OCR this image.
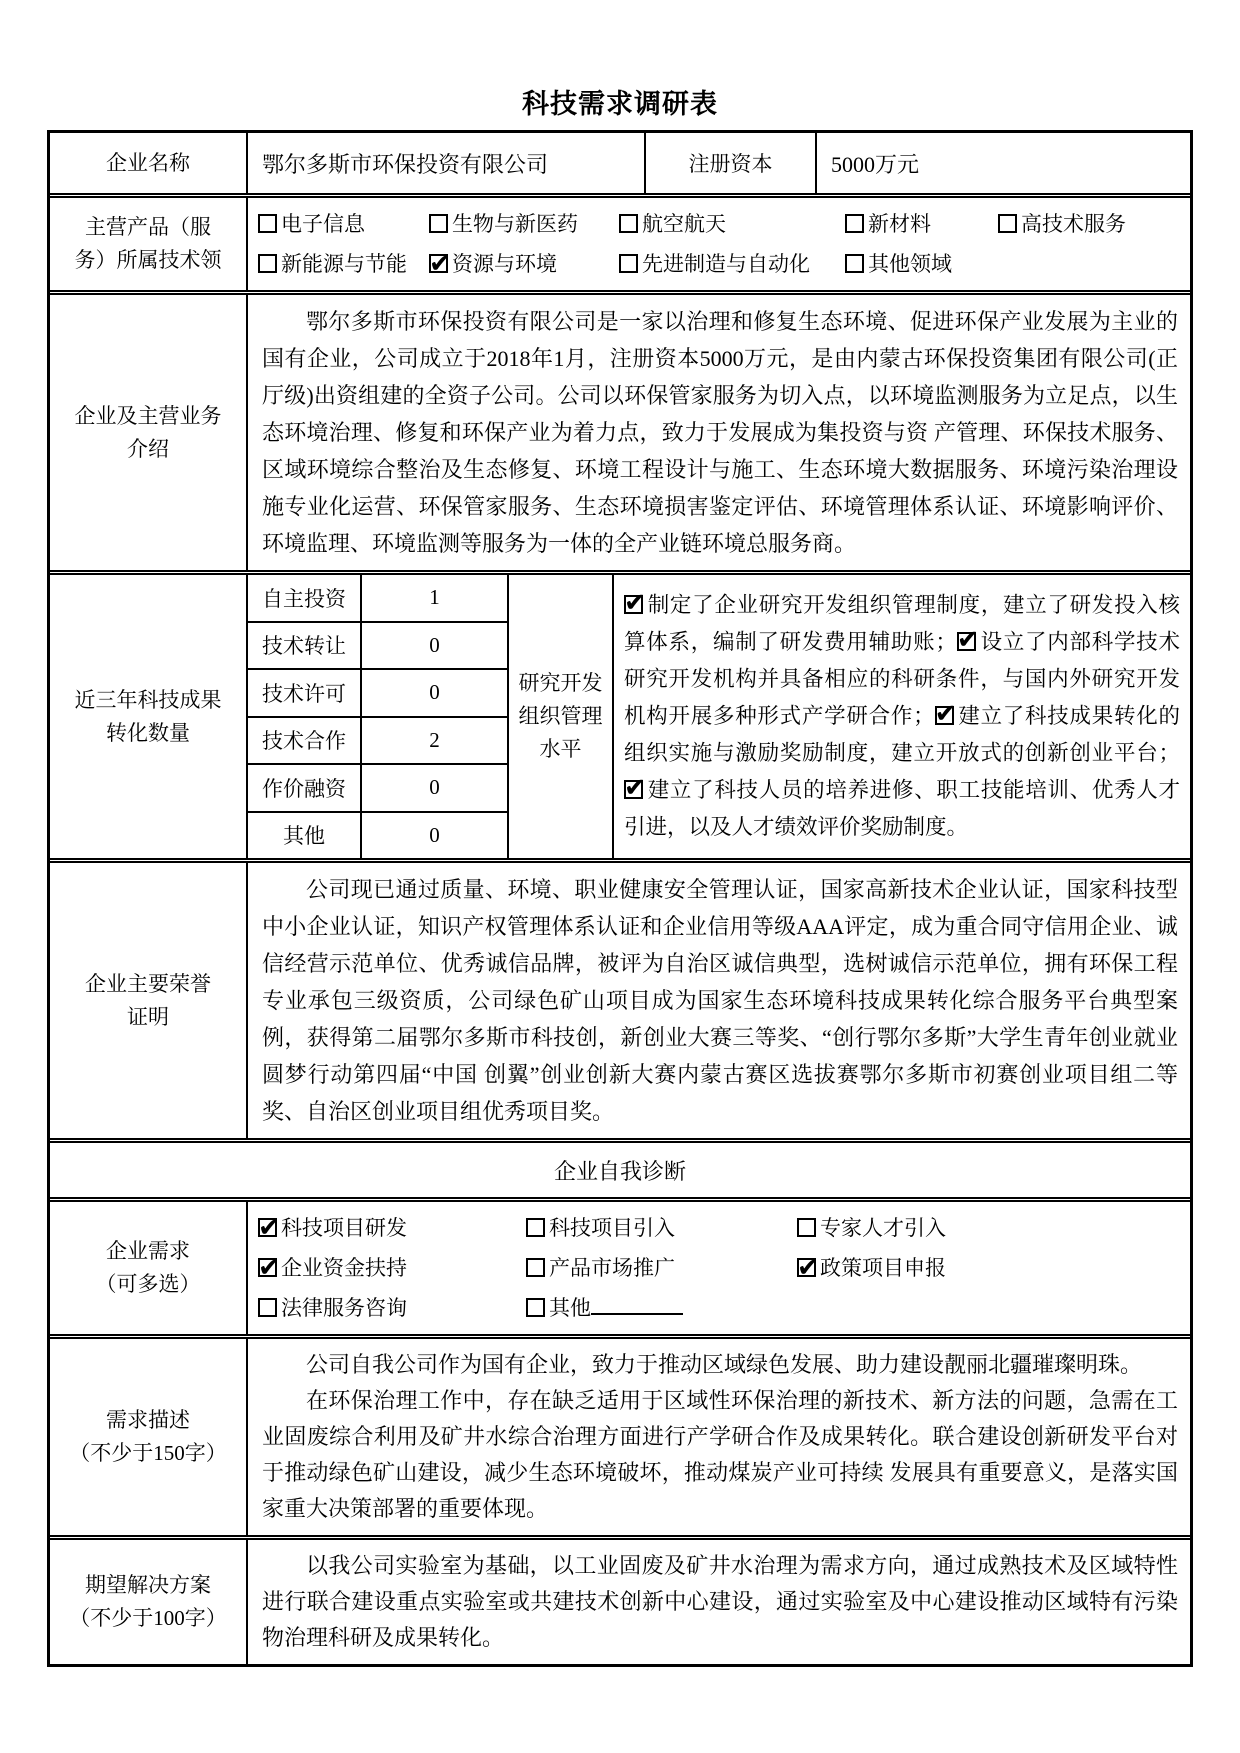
科技需求调研表
企业名称	鄂尔多斯市环保投资有限公司	注册资本	5000万元
主营产品（服
务）所属技术领
电子信息	生物与新医药	航空航天	新材料	高技术服务
新能源与节能 ✔	资源与环境	先进制造与自动化	其他领域
企业及主营业务
介绍

鄂尔多斯市环保投资有限公司是一家以治理和修复生态环境、促进环保产业发展为主业的国有企业，公司成立于2018年1月，注册资本5000万元，是由内蒙古环保投资集团有限公司(正厅级)出资组建的全资子公司。公司以环保管家服务为切入点，以环境监测服务为立足点，以生态环境治理、修复和环保产业为着力点，致力于发展成为集投资与资 产管理、环保技术服务、区域环境综合整治及生态修复、环境工程设计与施工、生态环境大数据服务、环境污染治理设施专业化运营、环保管家服务、生态环境损害鉴定评估、环境管理体系认证、环境影响评价、环境监理、环境监测等服务为一体的全产业链环境总服务商。

近三年科技成果
转化数量
自主投资	1
技术转让	0
技术许可	0
技术合作	2
作价融资	0
其他	0
研究开发
组织管理
水平
✔制定了企业研究开发组织管理制度，建立了研发投入核算体系，编制了研发费用辅助账； ✔ 设立了内部科学技术研究开发机构并具备相应的科研条件，与国内外研究开发机构开展多种形式产学研合作； ✔ 建立了科技成果转化的组织实施与激励奖励制度，建立开放式的创新创业平台；✔建立了科技人员的培养进修、职工技能培训、优秀人才引进，以及人才绩效评价奖励制度。
企业主要荣誉
证明

公司现已通过质量、环境、职业健康安全管理认证，国家高新技术企业认证，国家科技型中小企业认证，知识产权管理体系认证和企业信用等级AAA评定，成为重合同守信用企业、诚信经营示范单位、优秀诚信品牌，被评为自治区诚信典型，选树诚信示范单位，拥有环保工程专业承包三级资质，公司绿色矿山项目成为国家生态环境科技成果转化综合服务平台典型案例，获得第二届鄂尔多斯市科技创，新创业大赛三等奖、“创行鄂尔多斯”大学生青年创业就业圆梦行动第四届“中国 创翼”创业创新大赛内蒙古赛区选拔赛鄂尔多斯市初赛创业项目组二等奖、自治区创业项目组优秀项目奖。

企业自我诊断
企业需求
（可多选）
✔科技项目研发	科技项目引入	专家人才引入
✔企业资金扶持	产品市场推广 ✔	政策项目申报
法律服务咨询	其他
需求描述
（不少于150字）

公司自我公司作为国有企业，致力于推动区域绿色发展、助力建设靓丽北疆璀璨明珠。

在环保治理工作中，存在缺乏适用于区域性环保治理的新技术、新方法的问题，急需在工业固废综合利用及矿井水综合治理方面进行产学研合作及成果转化。联合建设创新研发平台对于推动绿色矿山建设，减少生态环境破坏，推动煤炭产业可持续 发展具有重要意义，是落实国家重大决策部署的重要体现。

期望解决方案
（不少于100字）

以我公司实验室为基础，以工业固废及矿井水治理为需求方向，通过成熟技术及区域特性进行联合建设重点实验室或共建技术创新中心建设，通过实验室及中心建设推动区域特有污染物治理科研及成果转化。
